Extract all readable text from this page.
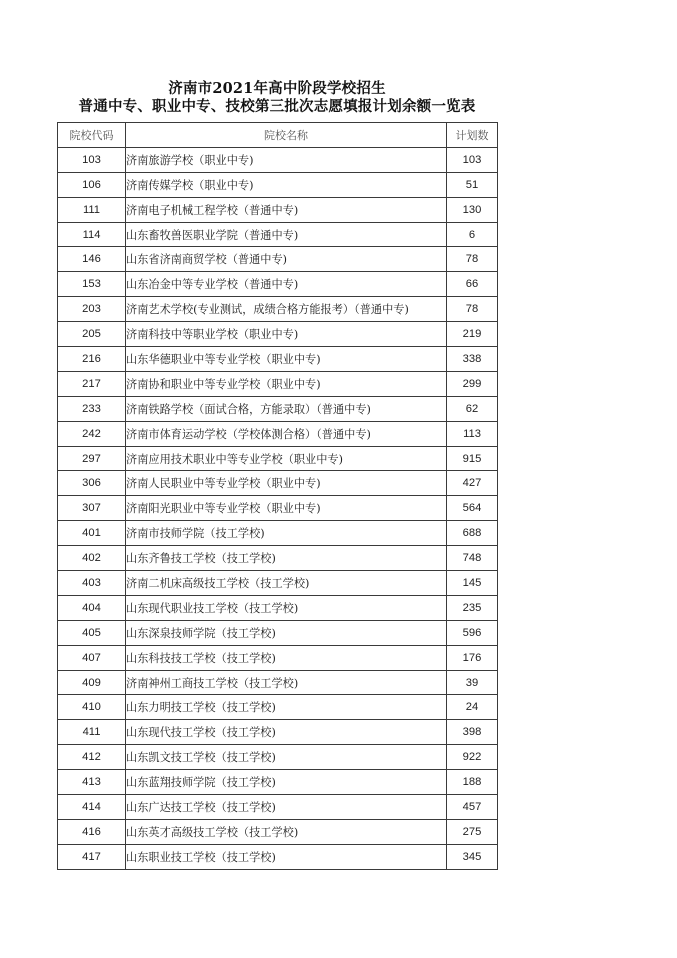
济南市2021年高中阶段学校招生
普通中专、职业中专、技校第三批次志愿填报计划余额一览表
院校代码	院校名称	计划数
103	济南旅游学校（职业中专)	103
106	济南传媒学校（职业中专)	51
111	济南电子机械工程学校（普通中专)	130
114	山东畜牧兽医职业学院（普通中专)	6
146	山东省济南商贸学校（普通中专)	78
153	山东冶金中等专业学校（普通中专)	66
203	济南艺术学校(专业测试，成绩合格方能报考）（普通中专)	78
205	济南科技中等职业学校（职业中专)	219
216	山东华德职业中等专业学校（职业中专)	338
217	济南协和职业中等专业学校（职业中专)	299
233	济南铁路学校（面试合格，方能录取）（普通中专)	62
242	济南市体育运动学校（学校体测合格）（普通中专)	113
297	济南应用技术职业中等专业学校（职业中专)	915
306	济南人民职业中等专业学校（职业中专)	427
307	济南阳光职业中等专业学校（职业中专)	564
401	济南市技师学院（技工学校)	688
402	山东齐鲁技工学校（技工学校)	748
403	济南二机床高级技工学校（技工学校)	145
404	山东现代职业技工学校（技工学校)	235
405	山东深泉技师学院（技工学校)	596
407	山东科技技工学校（技工学校)	176
409	济南神州工商技工学校（技工学校)	39
410	山东力明技工学校（技工学校)	24
411	山东现代技工学校（技工学校)	398
412	山东凯文技工学校（技工学校)	922
413	山东蓝翔技师学院（技工学校)	188
414	山东广达技工学校（技工学校)	457
416	山东英才高级技工学校（技工学校)	275
417	山东职业技工学校（技工学校)	345
